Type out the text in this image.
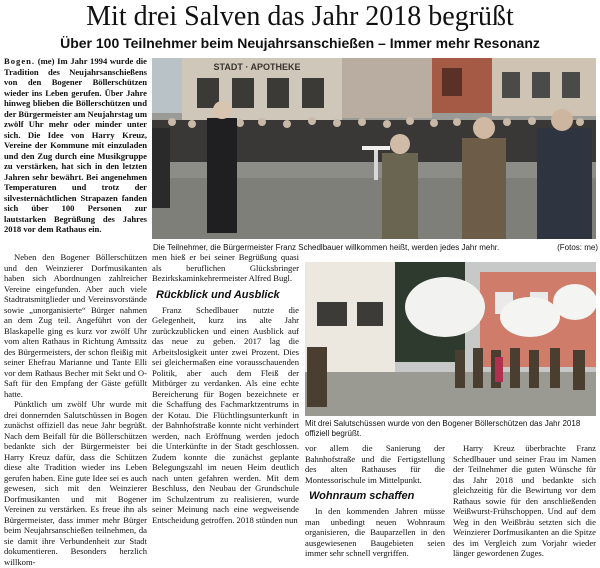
Mit drei Salven das Jahr 2018 begrüßt
Über 100 Teilnehmer beim Neujahrsanschießen – Immer mehr Resonanz

Bogen. (me) Im Jahr 1994 wurde die Tradition des Neujahrsanschießens von den Bogener Böllerschützen wieder ins Leben gerufen. Über Jahre hinweg blieben die Böllerschützen und der Bürgermeister am Neujahrstag um zwölf Uhr mehr oder minder unter sich. Die Idee von Harry Kreuz, Vereine der Kommune mit einzuladen und den Zug durch eine Musikgruppe zu verstärken, hat sich in den letzten Jahren sehr bewährt. Bei angenehmen Temperaturen und trotz der silvesternächtlichen Strapazen fanden sich über 100 Personen zur lautstarken Begrüßung des Jahres 2018 vor dem Rathaus ein.

STADT · APOTHEKE
Die Teilnehmer, die Bürgermeister Franz Schedlbauer willkommen heißt, werden jedes Jahr mehr.	(Fotos: me)

Neben den Bogener Böllerschützen und den Weinzierer Dorfmusikanten haben sich Abordnungen zahlreicher Vereine eingefunden. Aber auch viele Stadtratsmitglieder und Vereinsvorstände sowie „unorganisierte“ Bürger nahmen an dem Zug teil. Angeführt von der Blaskapelle ging es kurz vor zwölf Uhr vom alten Rathaus in Richtung Amtssitz des Bürgermeisters, der schon fleißig mit seiner Ehefrau Marianne und Tante Elli vor dem Rathaus Becher mit Sekt und O-Saft für den Empfang der Gäste gefüllt hatte.

Pünktlich um zwölf Uhr wurde mit drei donnernden Salutschüssen in Bogen zunächst offiziell das neue Jahr begrüßt. Nach dem Beifall für die Böllerschützen bedankte sich der Bürgermeister bei Harry Kreuz dafür, dass die Schützen diese alte Tradition wieder ins Leben gerufen haben. Eine gute Idee sei es auch gewesen, sich mit den Weinzierer Dorfmusikanten und mit Bogener Vereinen zu verstärken. Es freue ihn als Bürgermeister, dass immer mehr Bürger beim Neujahrsanschießen teilnehmen, da sie damit ihre Verbundenheit zur Stadt dokumentieren. Besonders herzlich willkom-

men hieß er bei seiner Begrüßung quasi als beruflichen Glücksbringer Bezirkskaminkehrermeister Alfred Bugl.

Rückblick und Ausblick

Franz Schedlbauer nutzte die Gelegenheit, kurz ins alte Jahr zurückzublicken und einen Ausblick auf das neue zu geben. 2017 lag die Arbeitslosigkeit unter zwei Prozent. Dies sei gleichermaßen eine vorausschauenden Politik, aber auch dem Fleiß der Mitbürger zu verdanken. Als eine echte Bereicherung für Bogen bezeichnete er die Schaffung des Fachmarktzentrums in der Kotau. Die Flüchtlingsunterkunft in der Bahnhofstraße konnte nicht verhindert werden, nach Eröffnung werden jedoch die Unterkünfte in der Stadt geschlossen. Zudem konnte die zunächst geplante Belegungszahl im neuen Heim deutlich nach unten gefahren werden. Mit dem Beschluss, den Neubau der Grundschule im Schulzentrum zu realisieren, wurde seiner Meinung nach eine wegweisende Entscheidung getroffen. 2018 stünden nun

Mit drei Salutschüssen wurde von den Bogener Böllerschützen das Jahr 2018 offiziell begrüßt.

vor allem die Sanierung der Bahnhofstraße und die Fertigstellung des alten Rathauses für die Montessorischule im Mittelpunkt.

Wohnraum schaffen

In den kommenden Jahren müsse man unbedingt neuen Wohnraum organisieren, die Bauparzellen in den ausgewiesenen Baugebieten seien immer sehr schnell vergriffen.

Harry Kreuz überbrachte Franz Schedlbauer und seiner Frau im Namen der Teilnehmer die guten Wünsche für das Jahr 2018 und bedankte sich gleichzeitig für die Bewirtung vor dem Rathaus sowie für den anschließenden Weißwurst-Frühschoppen. Und auf dem Weg in den Weißbräu setzten sich die Weinzierer Dorfmusikanten an die Spitze des im Vergleich zum Vorjahr wieder länger gewordenen Zuges.
